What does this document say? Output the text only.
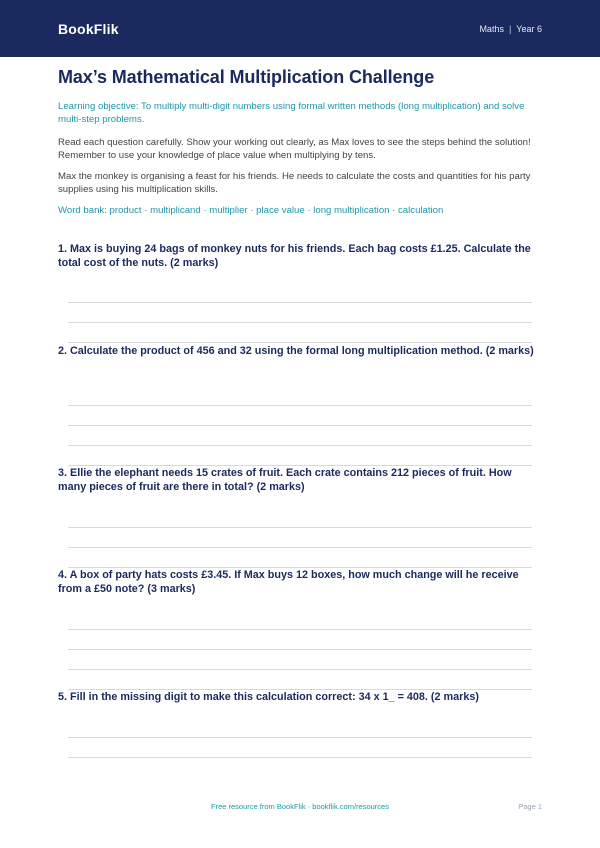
BookFlik	Maths | Year 6
Max’s Mathematical Multiplication Challenge

Learning objective: To multiply multi-digit numbers using formal written methods (long multiplication) and solve multi-step problems.

Read each question carefully. Show your working out clearly, as Max loves to see the steps behind the solution! Remember to use your knowledge of place value when multiplying by tens.

Max the monkey is organising a feast for his friends. He needs to calculate the costs and quantities for his party supplies using his multiplication skills.

Word bank: product · multiplicand · multiplier · place value · long multiplication · calculation

1. Max is buying 24 bags of monkey nuts for his friends. Each bag costs £1.25. Calculate the total cost of the nuts. (2 marks)

2. Calculate the product of 456 and 32 using the formal long multiplication method. (2 marks)

3. Ellie the elephant needs 15 crates of fruit. Each crate contains 212 pieces of fruit. How many pieces of fruit are there in total? (2 marks)

4. A box of party hats costs £3.45. If Max buys 12 boxes, how much change will he receive from a £50 note? (3 marks)

5. Fill in the missing digit to make this calculation correct: 34 x 1_ = 408. (2 marks)

Free resource from BookFlik · bookflik.com/resources	Page 1
